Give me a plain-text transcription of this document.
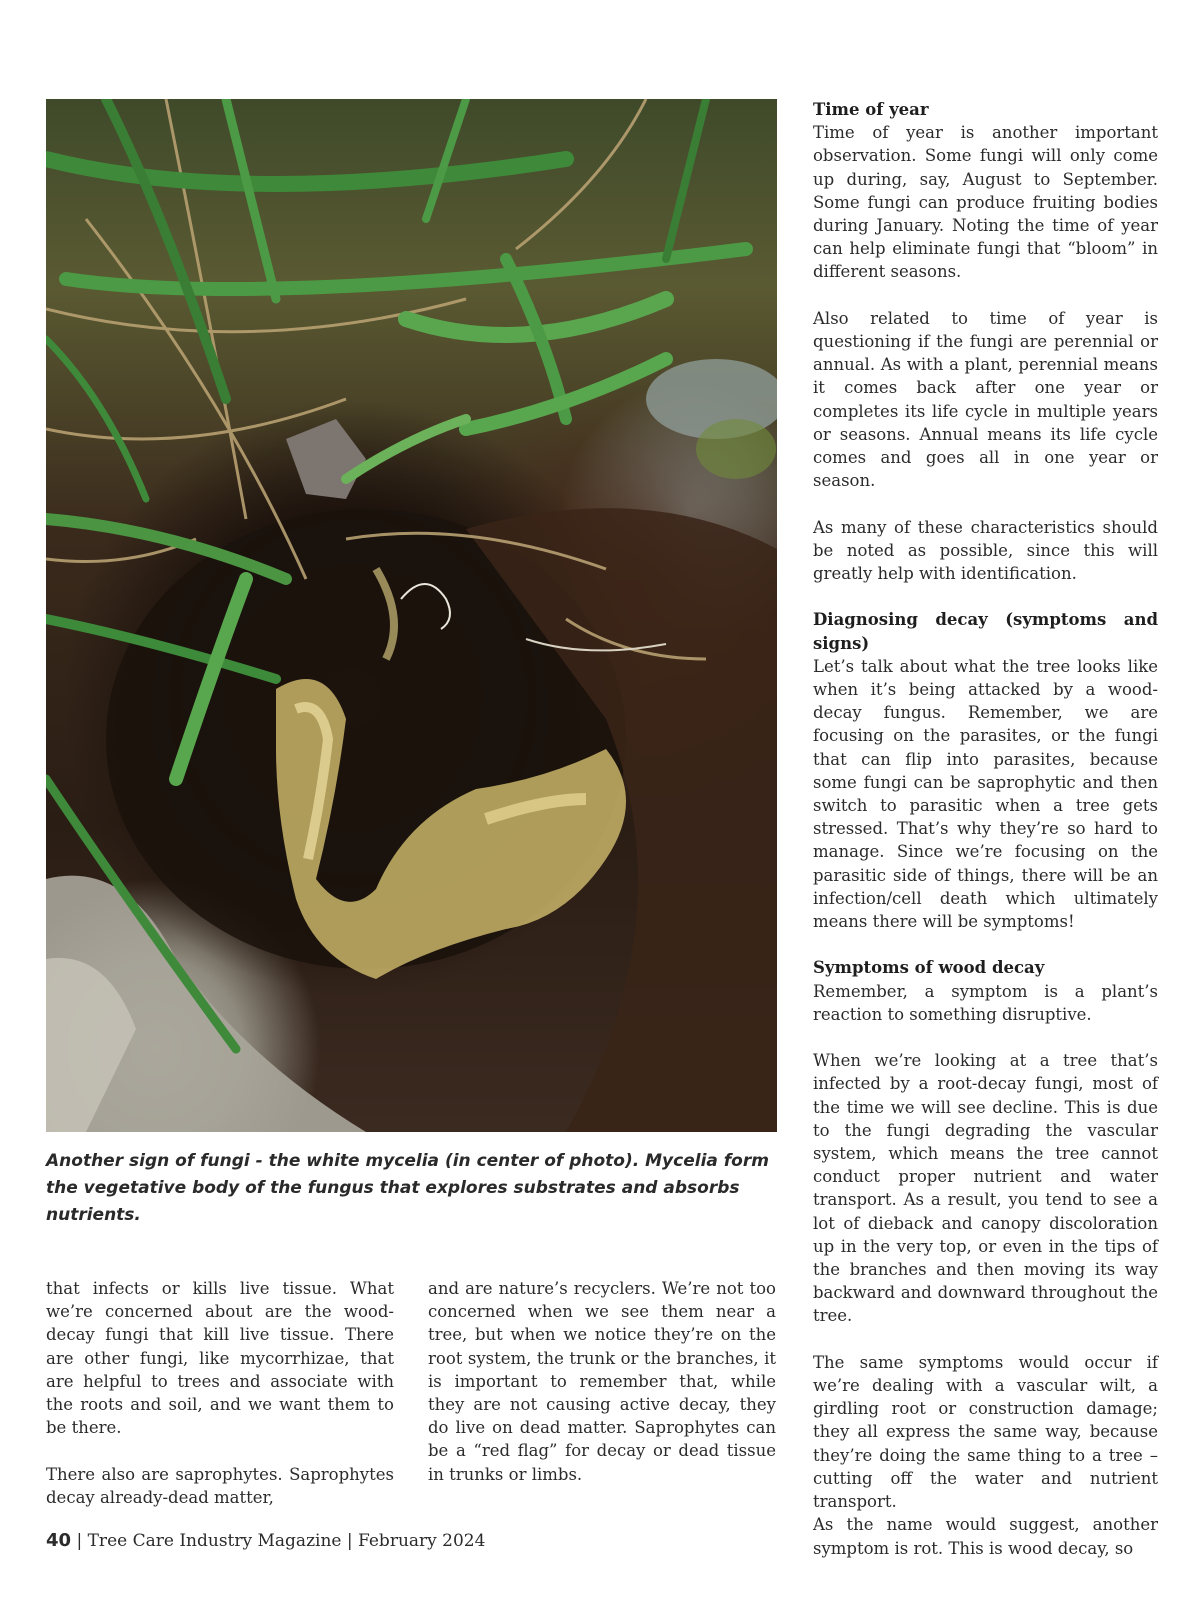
Another sign of fungi - the white mycelia (in center of photo). Mycelia form the vegetative body of the fungus that explores substrates and absorbs nutrients.

that infects or kills live tissue. What we’re concerned about are the wood-decay fungi that kill live tissue. There are other fungi, like mycorrhizae, that are helpful to trees and associate with the roots and soil, and we want them to be there.

There also are saprophytes. Saprophytes decay already-dead matter,

and are nature’s recyclers. We’re not too concerned when we see them near a tree, but when we notice they’re on the root system, the trunk or the branches, it is important to remember that, while they are not causing active decay, they do live on dead matter. Saprophytes can be a “red flag” for decay or dead tissue in trunks or limbs.

Time of year

Time of year is another important observation. Some fungi will only come up during, say, August to September. Some fungi can produce fruiting bodies during January. Noting the time of year can help eliminate fungi that “bloom” in different seasons.

Also related to time of year is questioning if the fungi are perennial or annual. As with a plant, perennial means it comes back after one year or completes its life cycle in multiple years or seasons. Annual means its life cycle comes and goes all in one year or season.

As many of these characteristics should be noted as possible, since this will greatly help with identification.

Diagnosing decay (symptoms and signs)

Let’s talk about what the tree looks like when it’s being attacked by a wood-decay fungus. Remember, we are focusing on the parasites, or the fungi that can flip into parasites, because some fungi can be saprophytic and then switch to parasitic when a tree gets stressed. That’s why they’re so hard to manage. Since we’re focusing on the parasitic side of things, there will be an infection/cell death which ultimately means there will be symptoms!

Symptoms of wood decay

Remember, a symptom is a plant’s reaction to something disruptive.

When we’re looking at a tree that’s infected by a root-decay fungi, most of the time we will see decline. This is due to the fungi degrading the vascular system, which means the tree cannot conduct proper nutrient and water transport. As a result, you tend to see a lot of dieback and canopy discoloration up in the very top, or even in the tips of the branches and then moving its way backward and downward throughout the tree.

The same symptoms would occur if we’re dealing with a vascular wilt, a girdling root or construction damage; they all express the same way, because they’re doing the same thing to a tree – cutting off the water and nutrient transport.

As the name would suggest, another symptom is rot. This is wood decay, so

40 | Tree Care Industry Magazine | February 2024
